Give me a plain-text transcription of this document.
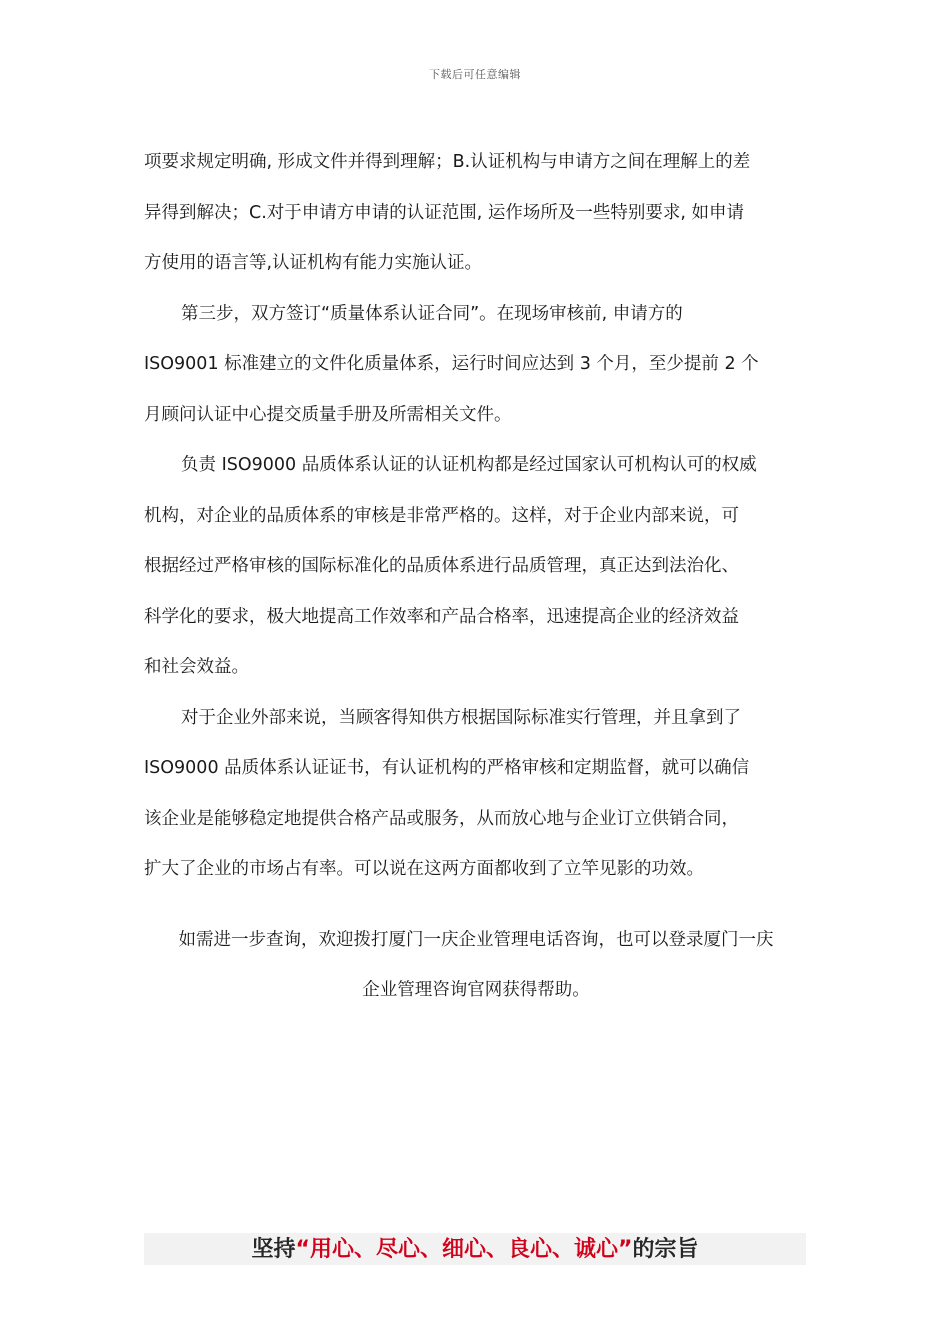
下载后可任意编辑
项要求规定明确, 形成文件并得到理解；B.认证机构与申请方之间在理解上的差
异得到解决；C.对于申请方申请的认证范围, 运作场所及一些特别要求, 如申请
方使用的语言等,认证机构有能力实施认证。
第三步，双方签订“质量体系认证合同”。在现场审核前, 申请方的
ISO9001 标准建立的文件化质量体系，运行时间应达到 3 个月，至少提前 2 个
月顾问认证中心提交质量手册及所需相关文件。
负责 ISO9000 品质体系认证的认证机构都是经过国家认可机构认可的权威
机构，对企业的品质体系的审核是非常严格的。这样，对于企业内部来说，可
根据经过严格审核的国际标准化的品质体系进行品质管理，真正达到法治化、
科学化的要求，极大地提高工作效率和产品合格率，迅速提高企业的经济效益
和社会效益。
对于企业外部来说，当顾客得知供方根据国际标准实行管理，并且拿到了
ISO9000 品质体系认证证书，有认证机构的严格审核和定期监督，就可以确信
该企业是能够稳定地提供合格产品或服务，从而放心地与企业订立供销合同，
扩大了企业的市场占有率。可以说在这两方面都收到了立竿见影的功效。
如需进一步查询，欢迎拨打厦门一庆企业管理电话咨询，也可以登录厦门一庆
企业管理咨询官网获得帮助。
坚持“用心、尽心、细心、良心、诚心”的宗旨
